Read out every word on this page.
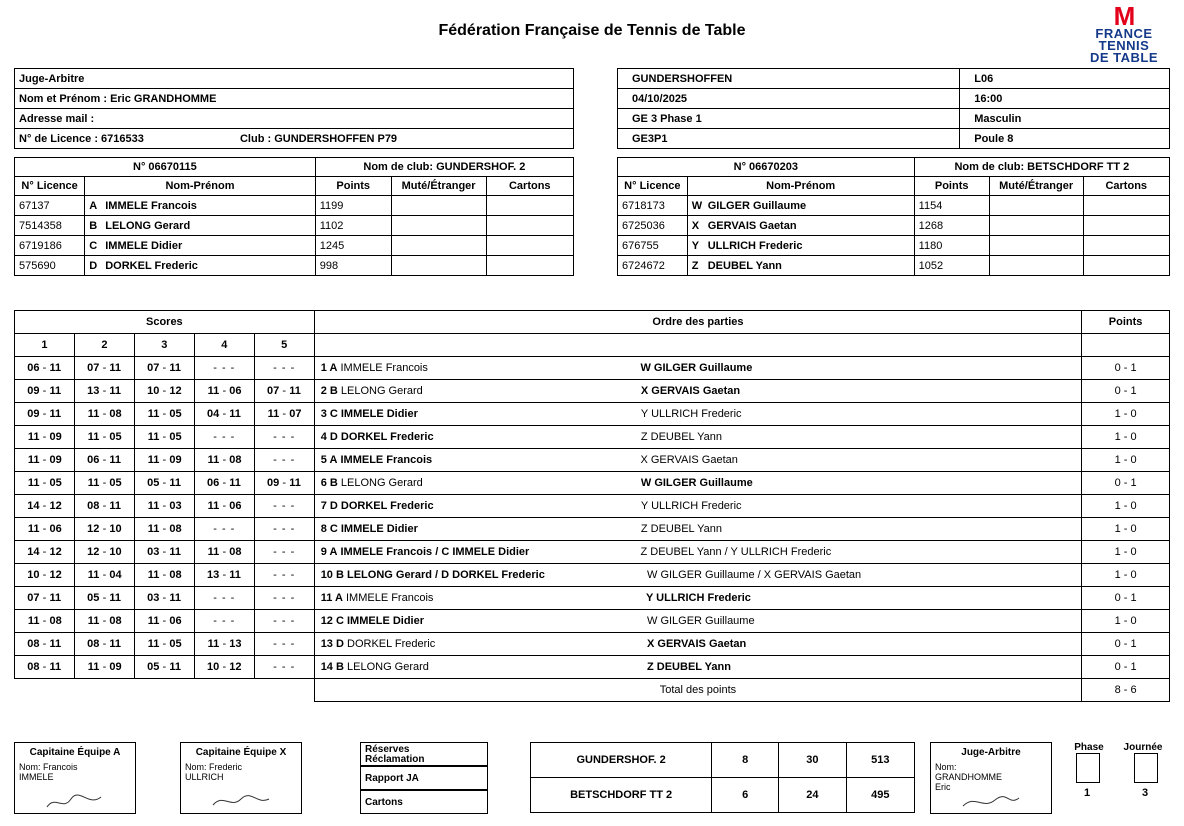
Fédération Française de Tennis de Table	M
FRANCE
TENNIS
DE TABLE
Juge-Arbitre
Nom et Prénom : Eric GRANDHOMME
Adresse mail :
N° de Licence : 6716533	Club : GUNDERSHOFFEN P79
GUNDERSHOFFEN	L06
04/10/2025	16:00
GE 3 Phase 1	Masculin
GE3P1	Poule 8
N° 06670115		Nom de club: GUNDERSHOF. 2		
N° Licence	Nom-Prénom	Points	Muté/Étranger	Cartons
67137	A IMMELE Francois	1199		
7514358	B LELONG Gerard	1102		
6719186	C IMMELE Didier	1245		
575690	D DORKEL Frederic	998		
N° 06670203		Nom de club: BETSCHDORF TT 2		
N° Licence	Nom-Prénom	Points	Muté/Étranger	Cartons
6718173	W GILGER Guillaume	1154		
6725036	X GERVAIS Gaetan	1268		
676755	Y ULLRICH Frederic	1180		
6724672	Z DEUBEL Yann	1052		
Scores					Ordre des parties	Points
1	2	3	4	5		
06 - 11	07 - 11	07 - 11	- - -	- - -	1 A IMMELE Francois W GILGER Guillaume	0 - 1
09 - 11	13 - 11	10 - 12	11 - 06	07 - 11	2 B LELONG Gerard X GERVAIS Gaetan	0 - 1
09 - 11	11 - 08	11 - 05	04 - 11	11 - 07	3 C IMMELE Didier Y ULLRICH Frederic	1 - 0
11 - 09	11 - 05	11 - 05	- - -	- - -	4 D DORKEL Frederic Z DEUBEL Yann	1 - 0
11 - 09	06 - 11	11 - 09	11 - 08	- - -	5 A IMMELE Francois X GERVAIS Gaetan	1 - 0
11 - 05	11 - 05	05 - 11	06 - 11	09 - 11	6 B LELONG Gerard W GILGER Guillaume	0 - 1
14 - 12	08 - 11	11 - 03	11 - 06	- - -	7 D DORKEL Frederic Y ULLRICH Frederic	1 - 0
11 - 06	12 - 10	11 - 08	- - -	- - -	8 C IMMELE Didier Z DEUBEL Yann	1 - 0
14 - 12	12 - 10	03 - 11	11 - 08	- - -	9 A IMMELE Francois / C IMMELE Didier Z DEUBEL Yann / Y ULLRICH Frederic	1 - 0
10 - 12	11 - 04	11 - 08	13 - 11	- - -	10 B LELONG Gerard / D DORKEL Frederic W GILGER Guillaume / X GERVAIS Gaetan	1 - 0
07 - 11	05 - 11	03 - 11	- - -	- - -	11 A IMMELE Francois Y ULLRICH Frederic	0 - 1
11 - 08	11 - 08	11 - 06	- - -	- - -	12 C IMMELE Didier W GILGER Guillaume	1 - 0
08 - 11	08 - 11	11 - 05	11 - 13	- - -	13 D DORKEL Frederic X GERVAIS Gaetan	0 - 1
08 - 11	11 - 09	05 - 11	10 - 12	- - -	14 B LELONG Gerard Z DEUBEL Yann	0 - 1
					Total des points	8 - 6
Capitaine Équipe A
Nom: Francois
IMMELE
Capitaine Équipe X
Nom: Frederic
ULLRICH
Réserves
Réclamation
Rapport JA
Cartons
GUNDERSHOF. 2	8	30	513
BETSCHDORF TT 2	6	24	495
Juge-Arbitre
Nom:
GRANDHOMME
Eric
Phase	Journée
1	3
